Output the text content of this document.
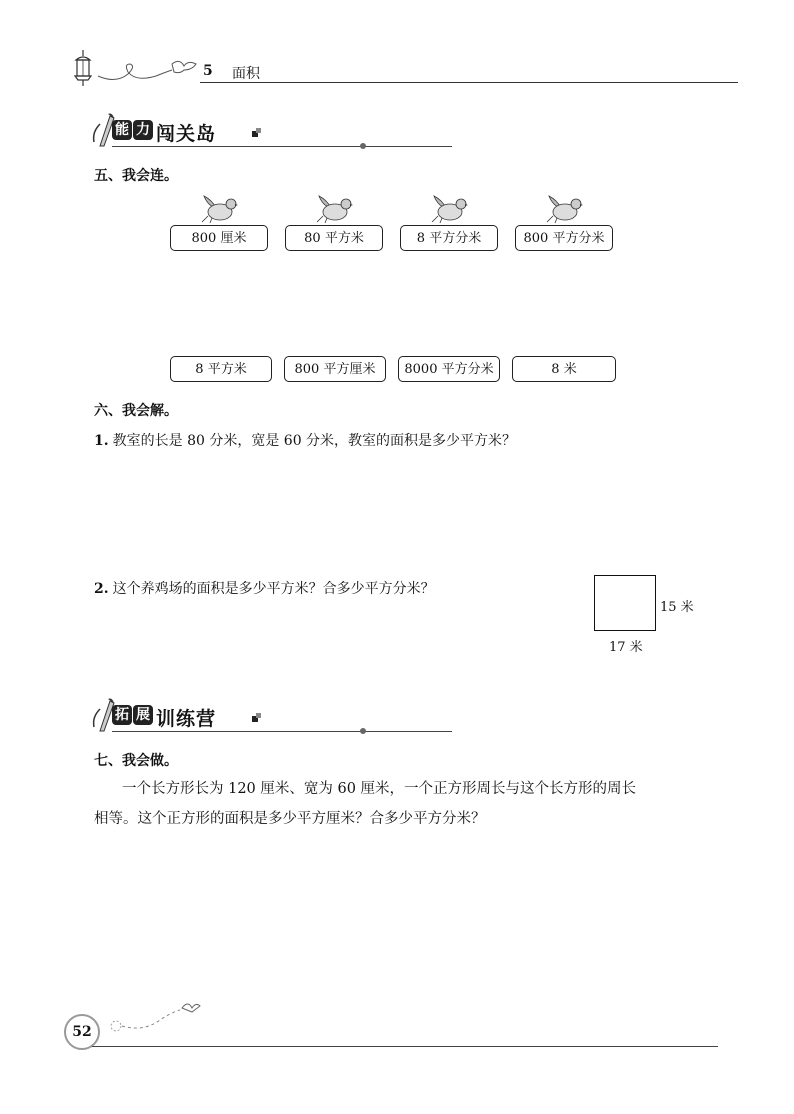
5 面积
能 力 闯关岛
五、我会连。
800 厘米	80 平方米	8 平方分米	800 平方分米
8 平方米	800 平方厘米	8000 平方分米	8 米
六、我会解。
1. 教室的长是 80 分米，宽是 60 分米，教室的面积是多少平方米？
2. 这个养鸡场的面积是多少平方米？合多少平方分米？
15 米
17 米
拓 展 训练营
七、我会做。
一个长方形长为 120 厘米、宽为 60 厘米，一个正方形周长与这个长方形的周长
相等。这个正方形的面积是多少平方厘米？合多少平方分米？
52
